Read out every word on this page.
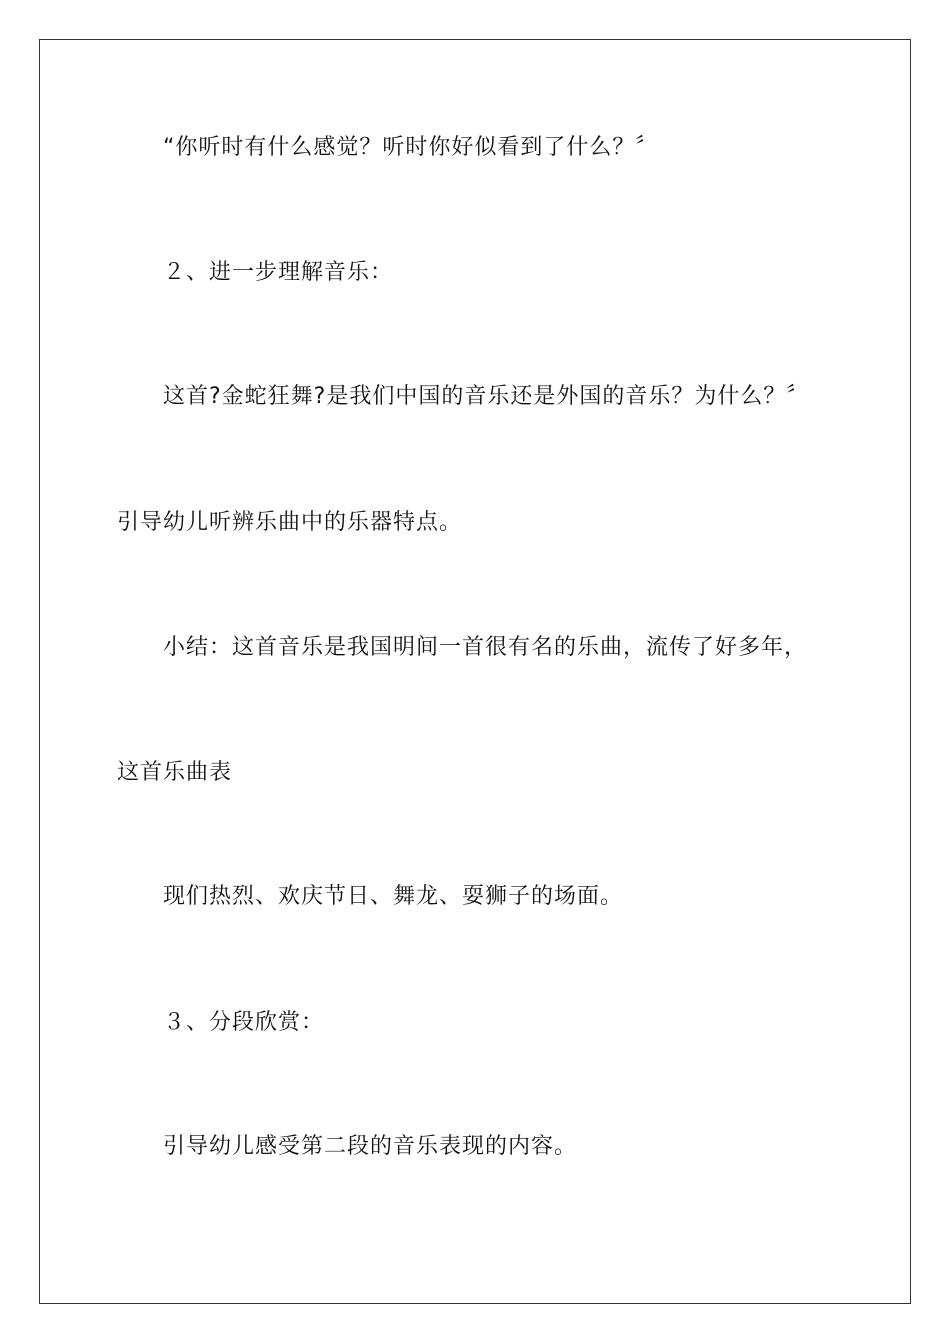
“你听时有什么感觉？听时你好似看到了什么？〞
２、进一步理解音乐：
这首?金蛇狂舞?是我们中国的音乐还是外国的音乐？为什么？〞
引导幼儿听辨乐曲中的乐器特点。
小结：这首音乐是我国明间一首很有名的乐曲，流传了好多年，
这首乐曲表
现们热烈、欢庆节日、舞龙、耍狮子的场面。
３、分段欣赏：
引导幼儿感受第二段的音乐表现的内容。
